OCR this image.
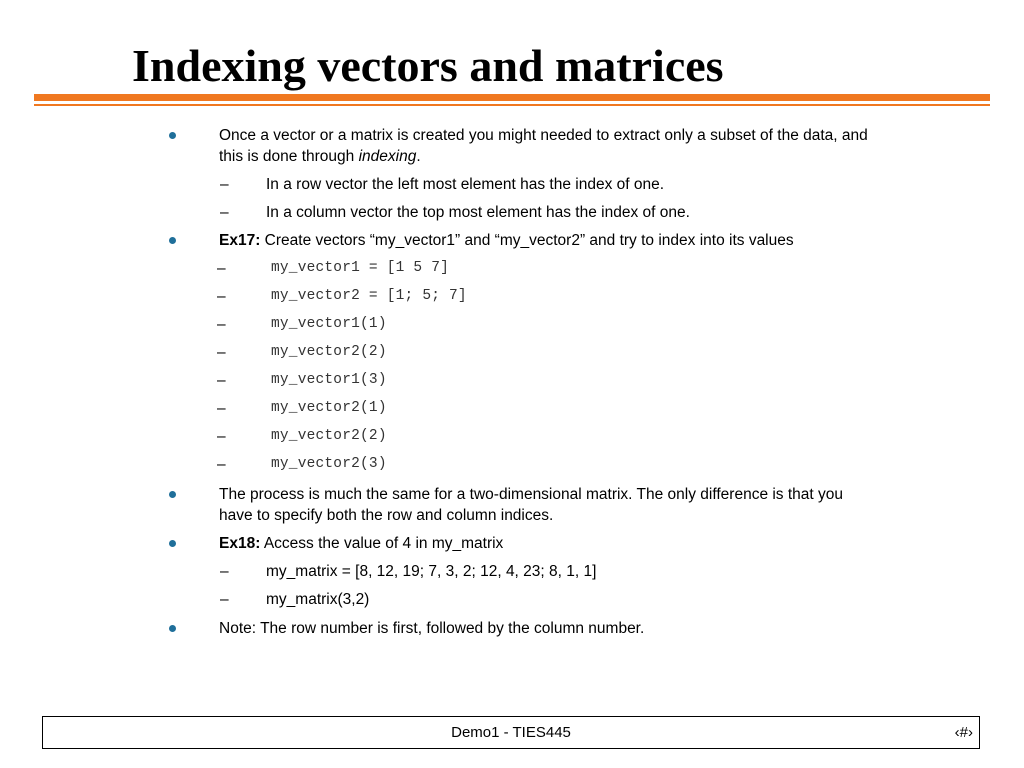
Indexing vectors and matrices
Once a vector or a matrix is created you might needed to extract only a subset of the data, and
this is done through indexing.
–
In a row vector the left most element has the index of one.
–
In a column vector the top most element has the index of one.
Ex17: Create vectors “my_vector1” and “my_vector2” and try to index into its values
–
my_vector1 = [1 5 7]
–
my_vector2 = [1; 5; 7]
–
my_vector1(1)
–
my_vector2(2)
–
my_vector1(3)
–
my_vector2(1)
–
my_vector2(2)
–
my_vector2(3)
The process is much the same for a two-dimensional matrix. The only difference is that you
have to specify both the row and column indices.
Ex18: Access the value of 4 in my_matrix
–
my_matrix = [8, 12, 19; 7, 3, 2; 12, 4, 23; 8, 1, 1]
–
my_matrix(3,2)
Note: The row number is first, followed by the column number.
Demo1 - TIES445	‹#›
